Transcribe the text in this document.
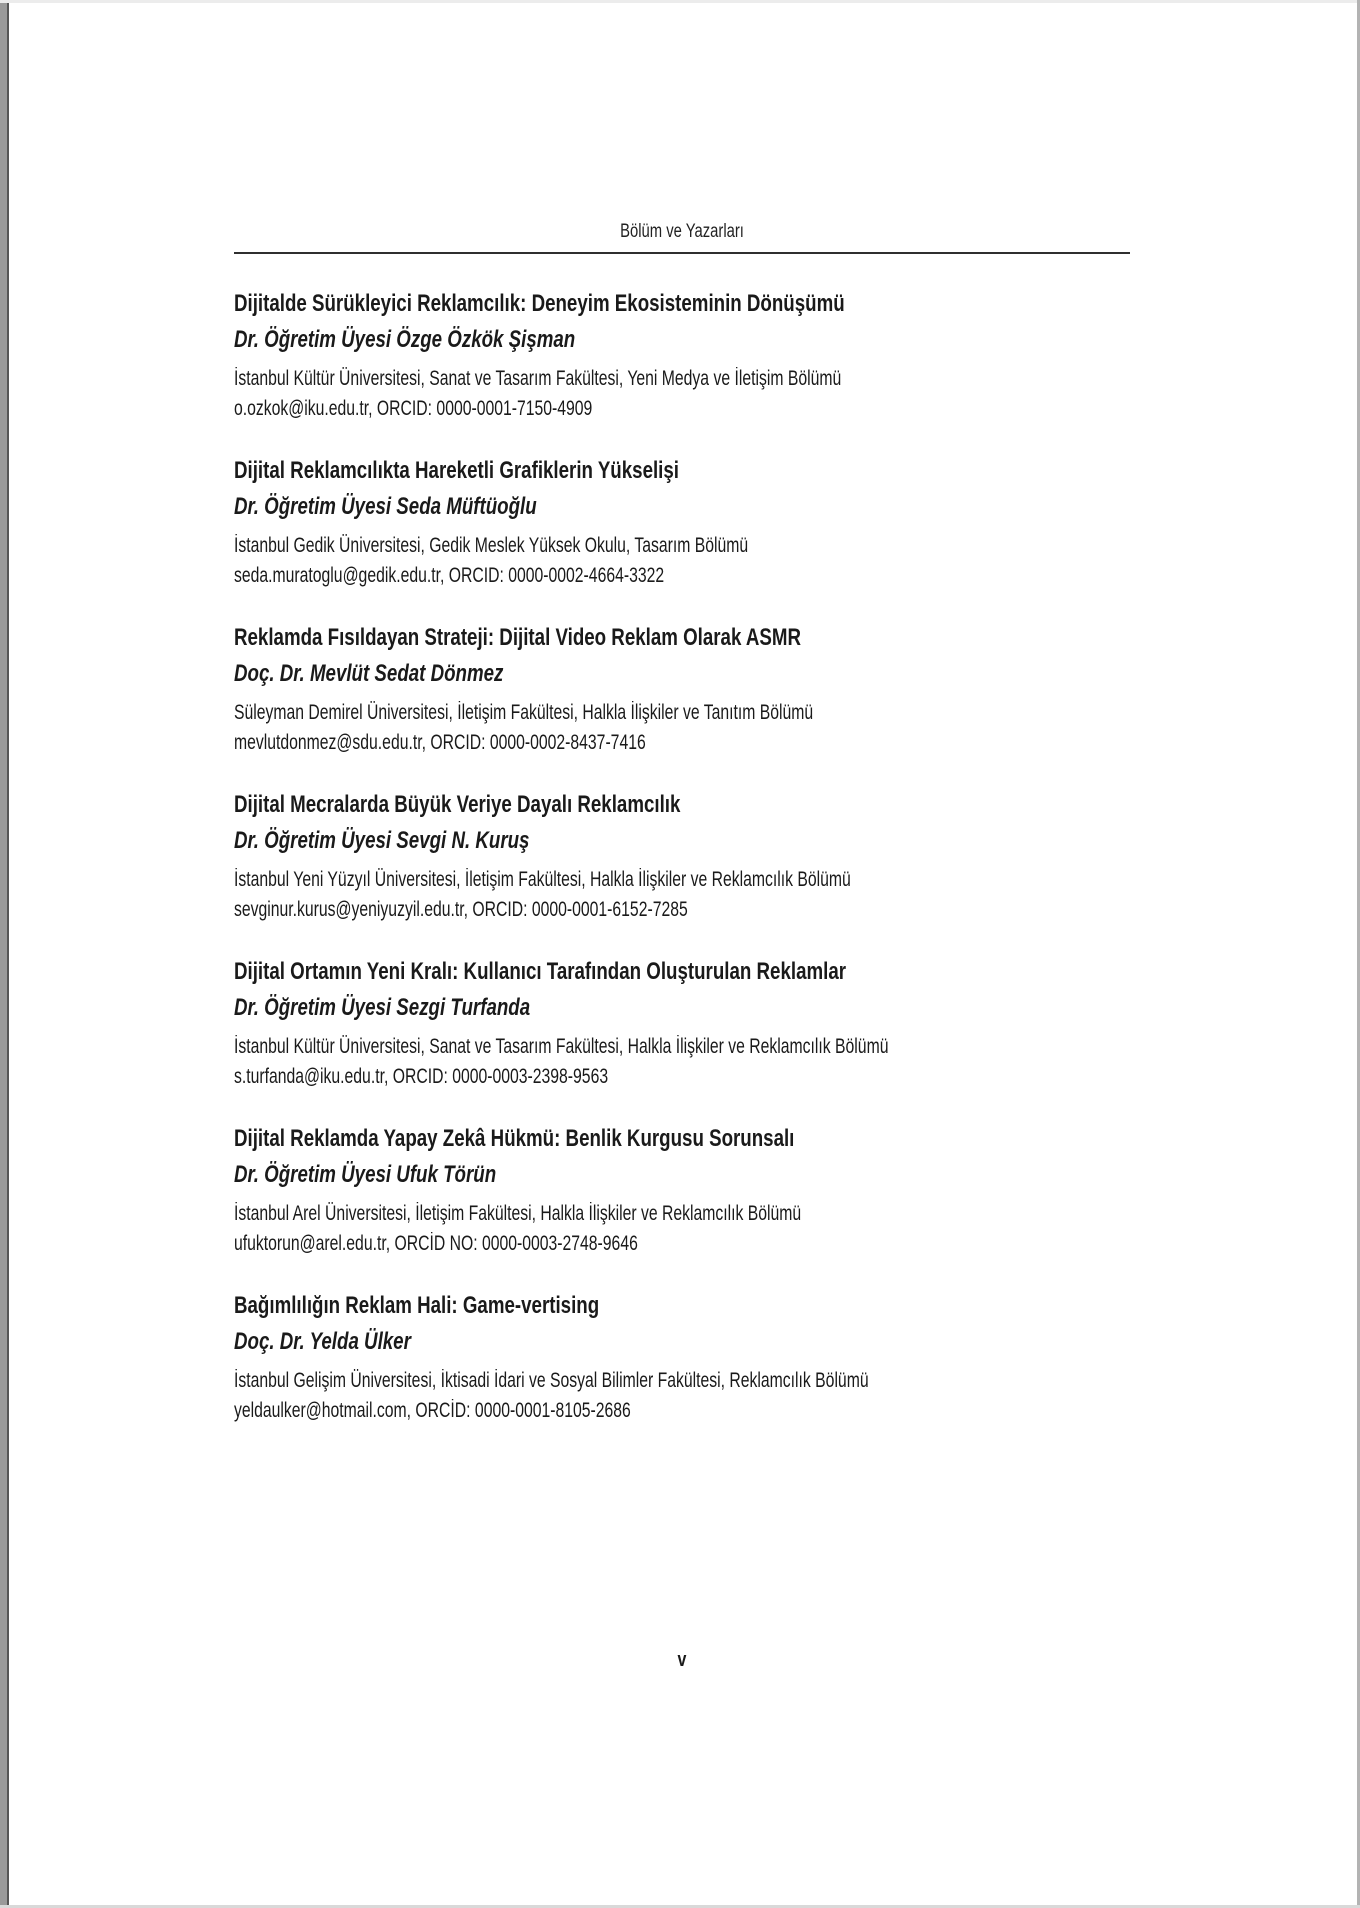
Bölüm ve Yazarları
Dijitalde Sürükleyici Reklamcılık: Deneyim Ekosisteminin Dönüşümü
Dr. Öğretim Üyesi Özge Özkök Şişman

İstanbul Kültür Üniversitesi, Sanat ve Tasarım Fakültesi, Yeni Medya ve İletişim Bölümü

o.ozkok@iku.edu.tr, ORCID: 0000-0001-7150-4909

Dijital Reklamcılıkta Hareketli Grafiklerin Yükselişi
Dr. Öğretim Üyesi Seda Müftüoğlu

İstanbul Gedik Üniversitesi, Gedik Meslek Yüksek Okulu, Tasarım Bölümü

seda.muratoglu@gedik.edu.tr, ORCID: 0000-0002-4664-3322

Reklamda Fısıldayan Strateji: Dijital Video Reklam Olarak ASMR
Doç. Dr. Mevlüt Sedat Dönmez

Süleyman Demirel Üniversitesi, İletişim Fakültesi, Halkla İlişkiler ve Tanıtım Bölümü

mevlutdonmez@sdu.edu.tr, ORCID: 0000-0002-8437-7416

Dijital Mecralarda Büyük Veriye Dayalı Reklamcılık
Dr. Öğretim Üyesi Sevgi N. Kuruş

İstanbul Yeni Yüzyıl Üniversitesi, İletişim Fakültesi, Halkla İlişkiler ve Reklamcılık Bölümü

sevginur.kurus@yeniyuzyil.edu.tr, ORCID: 0000-0001-6152-7285

Dijital Ortamın Yeni Kralı: Kullanıcı Tarafından Oluşturulan Reklamlar
Dr. Öğretim Üyesi Sezgi Turfanda

İstanbul Kültür Üniversitesi, Sanat ve Tasarım Fakültesi, Halkla İlişkiler ve Reklamcılık Bölümü

s.turfanda@iku.edu.tr, ORCID: 0000-0003-2398-9563

Dijital Reklamda Yapay Zekâ Hükmü: Benlik Kurgusu Sorunsalı
Dr. Öğretim Üyesi Ufuk Törün

İstanbul Arel Üniversitesi, İletişim Fakültesi, Halkla İlişkiler ve Reklamcılık Bölümü

ufuktorun@arel.edu.tr, ORCİD NO: 0000-0003-2748-9646

Bağımlılığın Reklam Hali: Game-vertising
Doç. Dr. Yelda Ülker

İstanbul Gelişim Üniversitesi, İktisadi İdari ve Sosyal Bilimler Fakültesi, Reklamcılık Bölümü

yeldaulker@hotmail.com, ORCİD: 0000-0001-8105-2686

v
